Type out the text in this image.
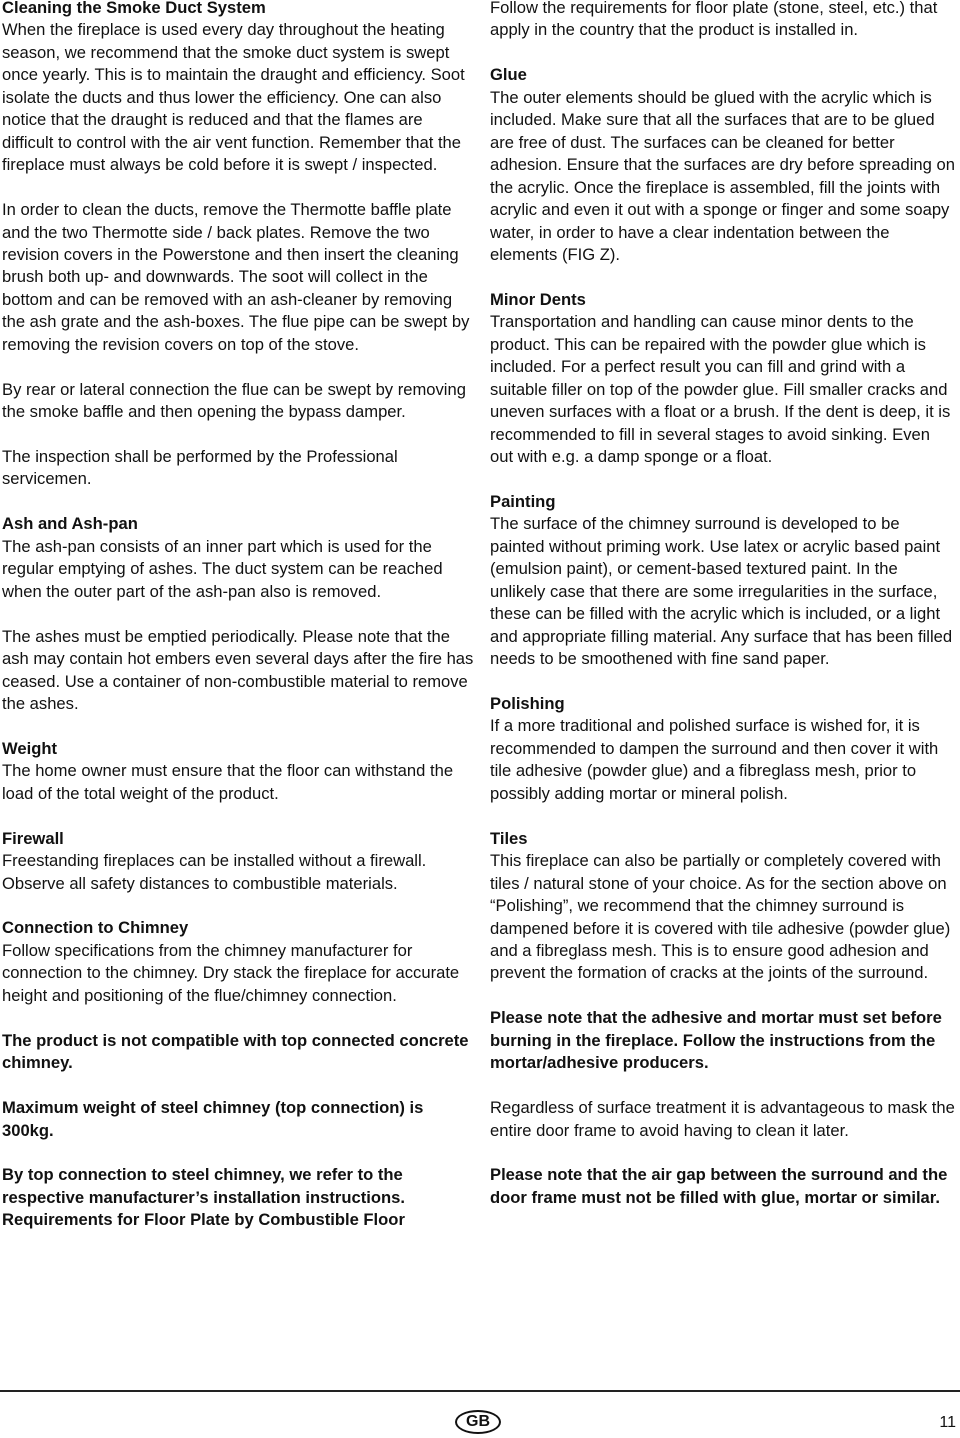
Cleaning the Smoke Duct System

When the fireplace is used every day throughout the heating season, we recommend that the smoke duct system is swept once yearly. This is to maintain the draught and efficiency. Soot isolate the ducts and thus lower the efficiency. One can also notice that the draught is reduced and that the flames are difficult to control with the air vent function. Remember that the fireplace must always be cold before it is swept / inspected.

In order to clean the ducts, remove the Thermotte baffle plate and the two Thermotte side / back plates. Remove the two revision covers in the Powerstone and then insert the cleaning brush both up- and downwards. The soot will collect in the bottom and can be removed with an ash-cleaner by removing the ash grate and the ash-boxes. The flue pipe can be swept by removing the revision covers on top of the stove.

By rear or lateral connection the flue can be swept by removing the smoke baffle and then opening the bypass damper.

The inspection shall be performed by the Professional servicemen.

Ash and Ash-pan

The ash-pan consists of an inner part which is used for the regular emptying of ashes. The duct system can be reached when the outer part of the ash-pan also is removed.

The ashes must be emptied periodically. Please note that the ash may contain hot embers even several days after the fire has ceased. Use a container of non-combustible material to remove the ashes.

Weight

The home owner must ensure that the floor can withstand the load of the total weight of the product.

Firewall

Freestanding fireplaces can be installed without a firewall. Observe all safety distances to combustible materials.

Connection to Chimney

Follow specifications from the chimney manufacturer for connection to the chimney. Dry stack the fireplace for accurate height and positioning of the flue/chimney connection.

The product is not compatible with top connected concrete chimney.

Maximum weight of steel chimney (top connection) is 300kg.

By top connection to steel chimney, we refer to the respective manufacturer’s installation instructions.

Requirements for Floor Plate by Combustible Floor

Follow the requirements for floor plate (stone, steel, etc.) that apply in the country that the product is installed in.

Glue

The outer elements should be glued with the acrylic which is included. Make sure that all the surfaces that are to be glued are free of dust. The surfaces can be cleaned for better adhesion. Ensure that the surfaces are dry before spreading on the acrylic. Once the fireplace is assembled, fill the joints with acrylic and even it out with a sponge or finger and some soapy water, in order to have a clear indentation between the elements (FIG Z).

Minor Dents

Transportation and handling can cause minor dents to the product. This can be repaired with the powder glue which is included. For a perfect result you can fill and grind with a suitable filler on top of the powder glue. Fill smaller cracks and uneven surfaces with a float or a brush. If the dent is deep, it is recommended to fill in several stages to avoid sinking. Even out with e.g. a damp sponge or a float.

Painting

The surface of the chimney surround is developed to be painted without priming work. Use latex or acrylic based paint (emulsion paint), or cement-based textured paint. In the unlikely case that there are some irregularities in the surface, these can be filled with the acrylic which is included, or a light and appropriate filling material. Any surface that has been filled needs to be smoothened with fine sand paper.

Polishing

If a more traditional and polished surface is wished for, it is recommended to dampen the surround and then cover it with tile adhesive (powder glue) and a fibreglass mesh, prior to possibly adding mortar or mineral polish.

Tiles

This fireplace can also be partially or completely covered with tiles / natural stone of your choice. As for the section above on “Polishing”, we recommend that the chimney surround is dampened before it is covered with tile adhesive (powder glue) and a fibreglass mesh. This is to ensure good adhesion and prevent the formation of cracks at the joints of the surround.

Please note that the adhesive and mortar must set before burning in the fireplace. Follow the instructions from the mortar/adhesive producers.

Regardless of surface treatment it is advantageous to mask the entire door frame to avoid having to clean it later.

Please note that the air gap between the surround and the door frame must not be filled with glue, mortar or similar.

GB	11
